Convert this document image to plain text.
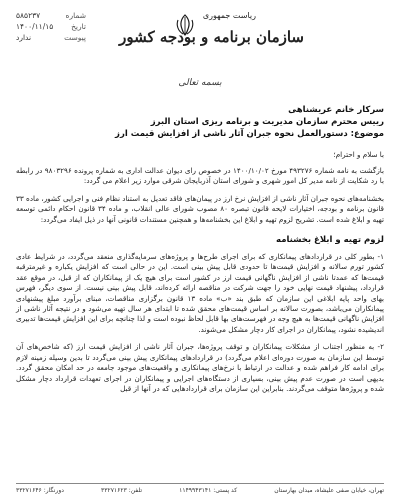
۵۸۵۲۳۷	شماره
۱۴۰۰/۱۱/۱۵ تاریخ
ندارد	پیوست
ریاست جمهوری
سازمان برنامه و بودجه کشور
بسمه تعالی
سرکار خانم عریشناهی
رییس محترم سازمان مدیریت و برنامه ریزی استان البرز
موضوع: دستورالعمل نحوه جبران آثار ناشی از افزایش قیمت ارز
با سلام و احترام؛

بازگشت به نامه شماره ۴۹۳۲۷۶ مورخ ۱۴۰۰/۱۰/۰۲ در خصوص رای دیوان عدالت اداری به شماره پرونده ۹۸۰۳۲۹۶ در رابطه با رد شکایت از نامه مدیر کل امور شهری و شورای استان آذربایجان شرقی موارد زیر اعلام می گردد:

بخشنامه‌های نحوه جبران آثار ناشی از افزایش نرخ ارز در پیمان‌های فاقد تعدیل به استناد نظام فنی و اجرایی کشور، ماده ۳۳ قانون برنامه و بودجه، اختیارات لایحه قانون تبصره ۸۰ مصوب شورای عالی انقلاب، و ماده ۳۴ قانون احکام دائمی توسعه تهیه و ابلاغ شده است. تشریح لزوم تهیه و ابلاغ این بخشنامه‌ها و همچنین مستندات قانونی آنها در ذیل ایفاد می‌گردد:

لزوم تهیه و ابلاغ بخشنامه

۱- بطور کلی در قراردادهای پیمانکاری که برای اجرای طرح‌ها و پروژه‌های سرمایه‌گذاری منعقد می‌گردد، در شرایط عادی کشور تورم سالانه و افزایش قیمت‌ها تا حدودی قابل پیش بینی است. این در حالی است که افزایش یکباره و غیرمترقبه قیمت‌ها که عمدتا ناشی از افزایش ناگهانی قیمت ارز در کشور است برای هیچ یک از پیمانکاران که از قبل، در موقع عقد قرارداد، پیشنهاد قیمت نهایی خود را جهت شرکت در مناقصه ارائه کرده‌اند، قابل پیش بینی نیست. از سوی دیگر، فهرس بهای واحد پایه ابلاغی این سازمان که طبق بند «ب» ماده ۱۳ قانون برگزاری مناقصات، مبنای برآورد مبلغ پیشنهادی پیمانکاران می‌باشد، بصورت سالانه بر اساس قیمت‌های محقق شده تا ابتدای هر سال تهیه می‌شود و در نتیجه آثار ناشی از افزایش ناگهانی قیمت‌ها به هیچ وجه در فهرست‌های بها قابل لحاظ نبوده است و لذا چنانچه برای این افزایش قیمت‌ها تدبیری اندیشیده نشود، پیمانکاران در اجرای کار دچار مشکل می‌شوند.

۲- به منظور اجتناب از مشکلات پیمانکاران و توقف پروژه‌ها، جبران آثار ناشی از افزایش قیمت ارز (که شاخص‌های آن توسط این سازمان به صورت دوره‌ای اعلام می‌گردد) در قراردادهای پیمانکاری پیش بینی می‌گردد تا بدین وسیله زمینه لازم برای ادامه کار فراهم شده و عدالت در ارتباط با نرخ‌های پیمانکاری و واقعیت‌های موجود جامعه در حد امکان محقق گردد. بدیهی است در صورت عدم پیش بینی، بسیاری از دستگاه‌های اجرایی و پیمانکاران در اجرای تعهدات قرارداد دچار مشکل شده و پروژه‌ها متوقف می‌گردند. بنابراین این سازمان برای قراردادهایی که در آنها از قبل

تهران، خیابان صفی علیشاه، میدان بهارستان
کد پستی: ۱۱۴۹۹۴۳۱۴۱
تلفن: ۳۳۲۷۱۶۲۳
دورنگار: ۳۳۲۷۱۶۴۶
